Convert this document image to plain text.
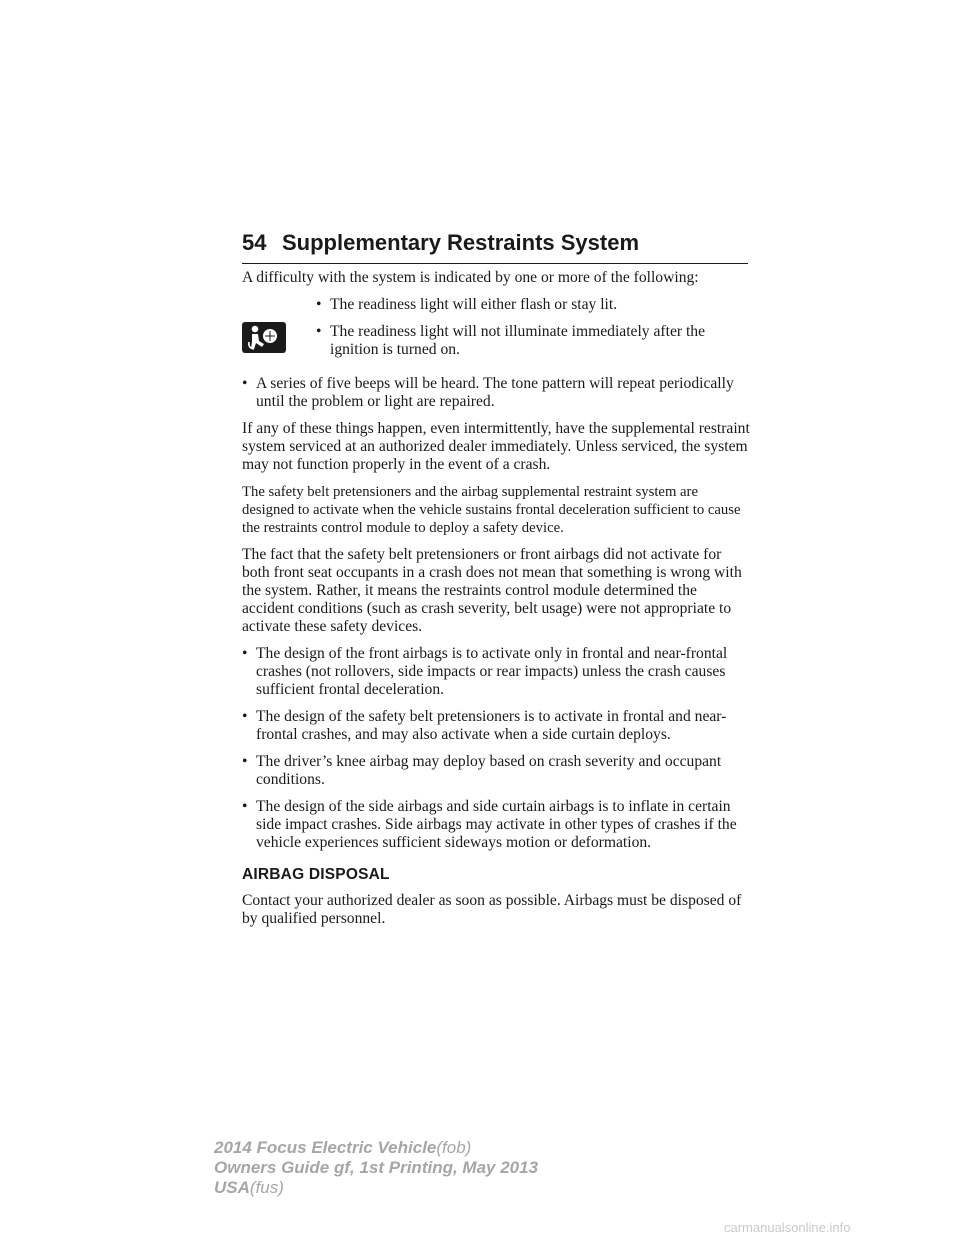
54 Supplementary Restraints System

A difficulty with the system is indicated by one or more of the following:

• The readiness light will either flash or stay lit.
• The readiness light will not illuminate immediately after the ignition is turned on.
• A series of five beeps will be heard. The tone pattern will repeat periodically until the problem or light are repaired.

If any of these things happen, even intermittently, have the supplemental restraint system serviced at an authorized dealer immediately. Unless serviced, the system may not function properly in the event of a crash.

The safety belt pretensioners and the airbag supplemental restraint system are designed to activate when the vehicle sustains frontal deceleration sufficient to cause the restraints control module to deploy a safety device.

The fact that the safety belt pretensioners or front airbags did not activate for both front seat occupants in a crash does not mean that something is wrong with the system. Rather, it means the restraints control module determined the accident conditions (such as crash severity, belt usage) were not appropriate to activate these safety devices.

• The design of the front airbags is to activate only in frontal and near-frontal crashes (not rollovers, side impacts or rear impacts) unless the crash causes sufficient frontal deceleration.
• The design of the safety belt pretensioners is to activate in frontal and near-frontal crashes, and may also activate when a side curtain deploys.
• The driver’s knee airbag may deploy based on crash severity and occupant conditions.
• The design of the side airbags and side curtain airbags is to inflate in certain side impact crashes. Side airbags may activate in other types of crashes if the vehicle experiences sufficient sideways motion or deformation.
AIRBAG DISPOSAL

Contact your authorized dealer as soon as possible. Airbags must be disposed of by qualified personnel.

2014 Focus Electric Vehicle(fob)
Owners Guide gf, 1st Printing, May 2013
USA(fus)
carmanualsonline.info
